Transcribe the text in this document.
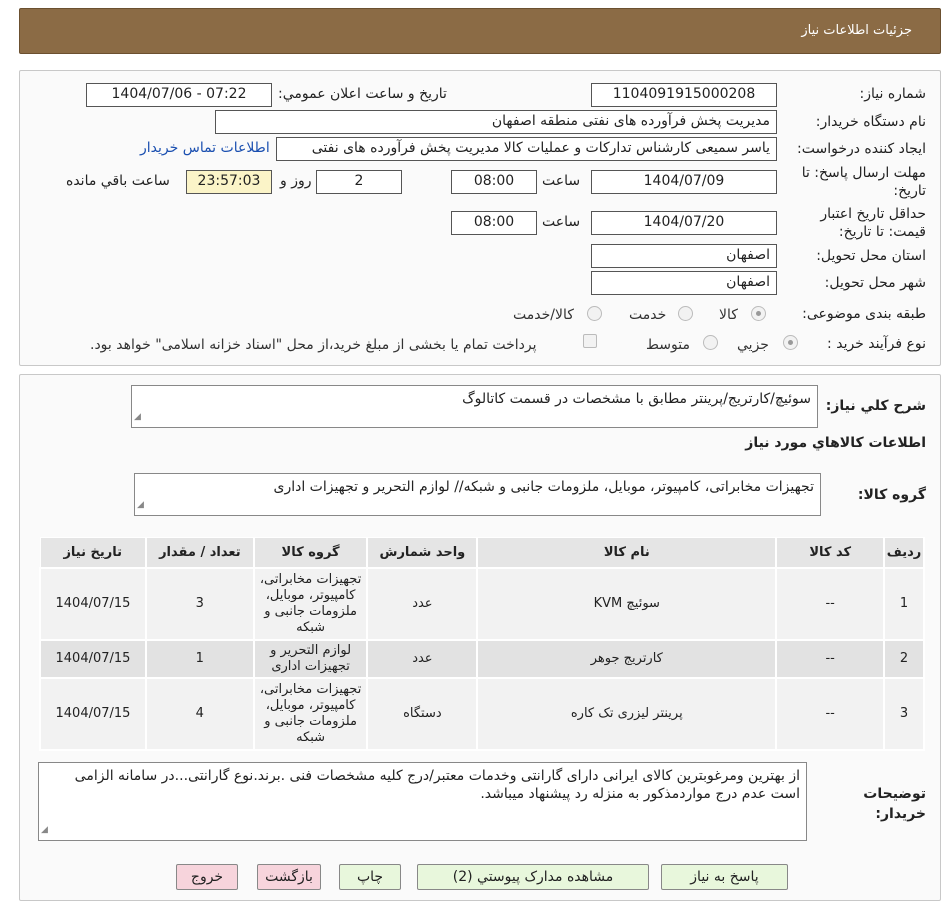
جزئیات اطلاعات نیاز
شماره نیاز:
1104091915000208
تاریخ و ساعت اعلان عمومي:
1404/07/06 - 07:22
نام دستگاه خريدار:
مدیریت پخش فرآورده های نفتی منطقه اصفهان
ایجاد کننده درخواست:
یاسر سمیعی کارشناس تدارکات و عملیات کالا مدیریت پخش فرآورده های نفتی
اطلاعات تماس خریدار
مهلت ارسال پاسخ: تا تاریخ:
1404/07/09
ساعت
08:00
2
روز و
23:57:03
ساعت باقي مانده
حداقل تاريخ اعتبار قيمت: تا تاريخ:
1404/07/20
ساعت
08:00
استان محل تحويل:
اصفهان
شهر محل تحويل:
اصفهان
طبقه بندی موضوعی:
کالا
خدمت
کالا/خدمت
نوع فرآيند خريد :
جزيي
متوسط
پرداخت تمام یا بخشی از مبلغ خرید،از محل "اسناد خزانه اسلامی" خواهد بود.
شرح کلي نياز:
سوئیچ/کارتریج/پرینتر مطابق با مشخصات در قسمت کاتالوگ
◢
اطلاعات کالاهاي مورد نياز
گروه کالا:
تجهیزات مخابراتی، کامپیوتر، موبایل، ملزومات جانبی و شبکه// لوازم التحریر و تجهیزات اداری
◢
رديف	کد کالا	نام کالا	واحد شمارش	گروه کالا	تعداد / مقدار	تاریخ نیاز
1	--	سوئیچ KVM	عدد	تجهیزات مخابراتی، کامپیوتر، موبایل، ملزومات جانبی و شبکه	3	1404/07/15
2	--	کارتریج جوهر	عدد	لوازم التحریر و تجهیزات اداری	1	1404/07/15
3	--	پرینتر لیزری تک کاره	دستگاه	تجهیزات مخابراتی، کامپیوتر، موبایل، ملزومات جانبی و شبکه	4	1404/07/15
توضیحات خریدار:
از بهترین ومرغوبترین کالای ایرانی دارای گارانتی وخدمات معتبر/درج کلیه مشخصات فنی .برند.نوع گارانتی...در سامانه الزامی است عدم درج مواردمذکور به منزله رد پیشنهاد میباشد.
◢
پاسخ به نياز
مشاهده مدارک پيوستي (2)
چاپ
بازگشت
خروج
